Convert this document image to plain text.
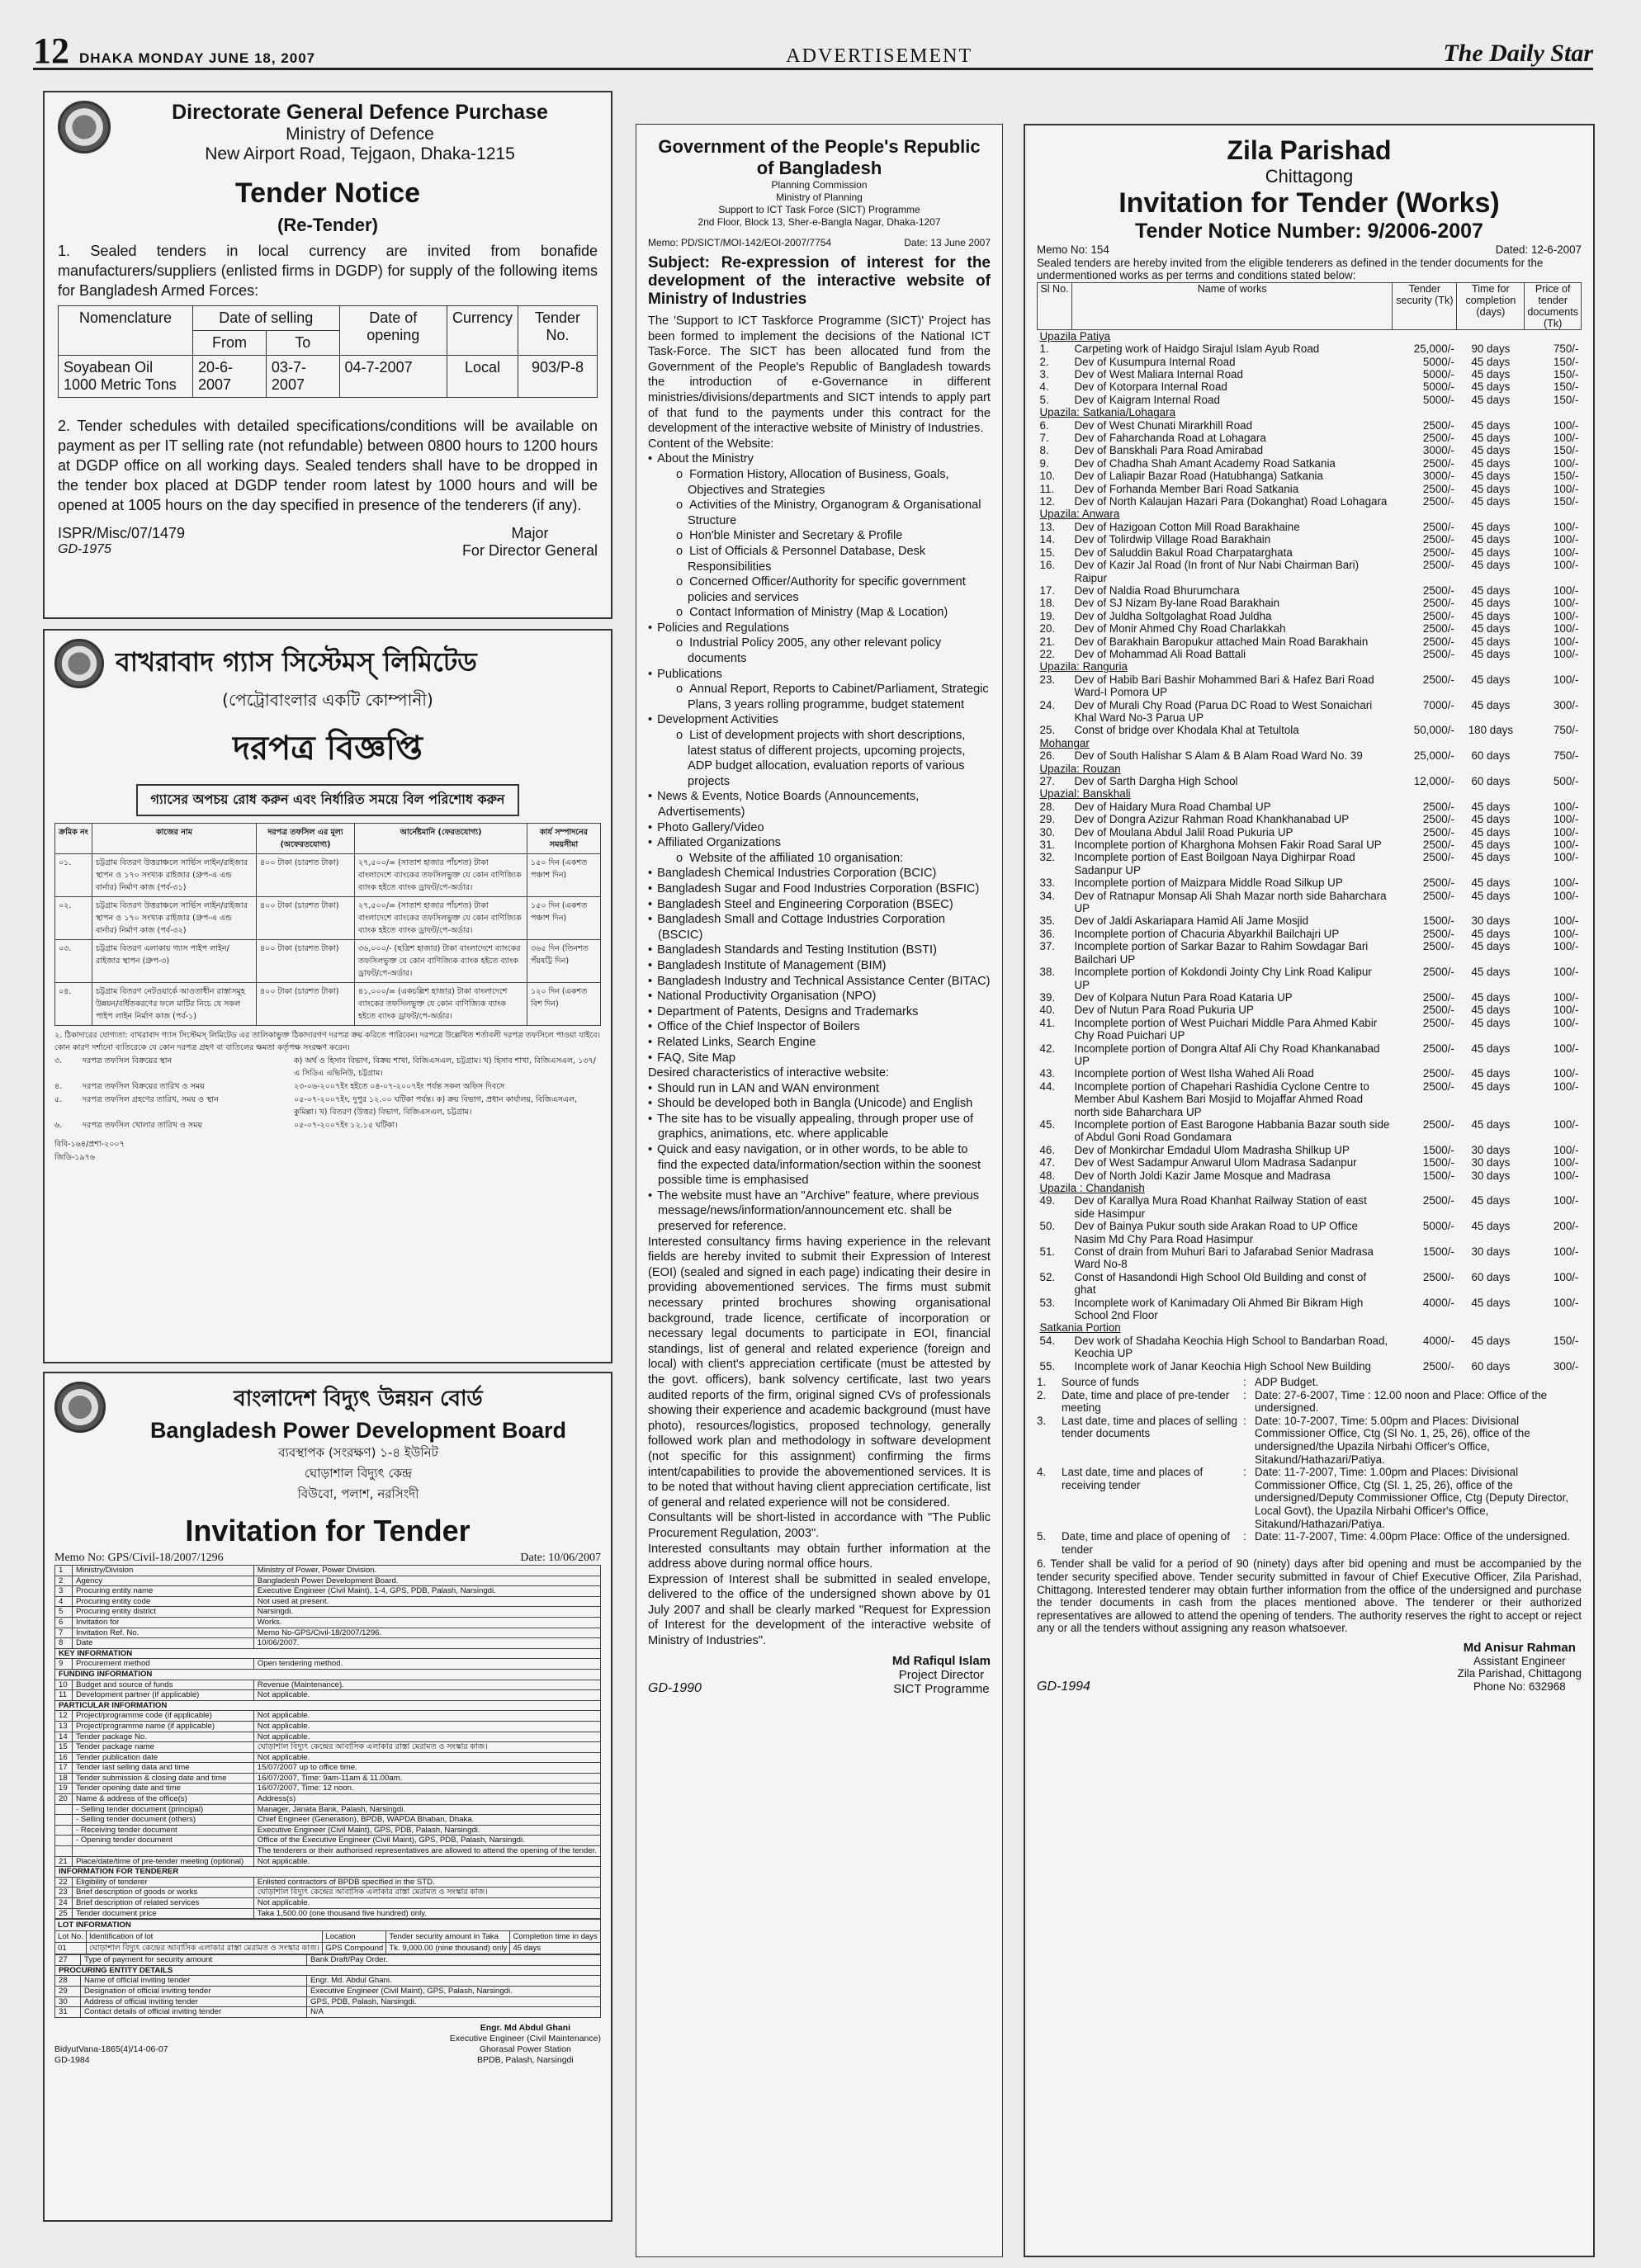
12 DHAKA MONDAY JUNE 18, 2007	ADVERTISEMENT	The Daily Star
Directorate General Defence Purchase
Ministry of Defence
New Airport Road, Tejgaon, Dhaka-1215
Tender Notice
(Re-Tender)

1. Sealed tenders in local currency are invited from bonafide manufacturers/suppliers (enlisted firms in DGDP) for supply of the following items for Bangladesh Armed Forces:

Nomenclature	Date of selling		Date of opening	Currency	Tender No.
	From	To			
Soyabean Oil 1000 Metric Tons	20-6-2007	03-7-2007	04-7-2007	Local	903/P-8

2. Tender schedules with detailed specifications/conditions will be available on payment as per IT selling rate (not refundable) between 0800 hours to 1200 hours at DGDP office on all working days. Sealed tenders shall have to be dropped in the tender box placed at DGDP tender room latest by 1000 hours and will be opened at 1005 hours on the day specified in presence of the tenderers (if any).

ISPR/Misc/07/1479
GD-1975
Major
For Director General
বাখরাবাদ গ্যাস সিস্টেমস্ লিমিটেড
(পেট্রোবাংলার একটি কোম্পানী)
দরপত্র বিজ্ঞপ্তি
গ্যাসের অপচয় রোধ করুন এবং নির্ধারিত সময়ে বিল পরিশোধ করুন
ক্রমিক নং	কাজের নাম	দরপত্র তফসিল এর মূল্য (অফেরতযোগ্য)	আর্নেষ্টমানি (ফেরতযোগ্য)	কার্য সম্পাদনের সময়সীমা
০১.	চট্টগ্রাম বিতরণ উত্তরাঞ্চলে সার্ভিস লাইন/রাইজার স্থাপন ও ১৭০ সংখ্যক রাইজার (গ্রুপ-এ এন্ড বার্নার) নির্মাণ কাজ (পর্ব-৩১)	৪০০ টাকা (চারশত টাকা)	২৭,৫০০/= (সাতাশ হাজার পাঁচশত) টাকা বাংলাদেশে ব্যাংকের তফসিলভুক্ত যে কোন বাণিজ্যিক ব্যাংক হইতে ব্যাংক ড্রাফট/পে-অর্ডার।	১৫০ দিন (একশত পঞ্চাশ দিন)
০২.	চট্টগ্রাম বিতরণ উত্তরাঞ্চলে সার্ভিস লাইন/রাইজার স্থাপন ও ১৭০ সংখ্যক রাইজার (গ্রুপ-এ এন্ড বার্নার) নির্মাণ কাজ (পর্ব-৩২)	৪০০ টাকা (চারশত টাকা)	২৭,৫০০/= (সাতাশ হাজার পাঁচশত) টাকা বাংলাদেশে ব্যাংকের তফসিলভুক্ত যে কোন বাণিজ্যিক ব্যাংক হইতে ব্যাংক ড্রাফট/পে-অর্ডার।	১৫০ দিন (একশত পঞ্চাশ দিন)
০৩.	চট্টগ্রাম বিতরণ এলাকায় গ্যাস পাইপ লাইন/রাইজার স্থাপন (গ্রুপ-৩)	৪০০ টাকা (চারশত টাকা)	৩৬,০০০/- (ছত্রিশ হাজার) টাকা বাংলাদেশে ব্যাংকের তফসিলভুক্ত যে কোন বাণিজ্যিক ব্যাংক হইতে ব্যাংক ড্রাফট/পে-অর্ডার।	৩৬৫ দিন (তিনশত পঁয়ষট্টি দিন)
০৪.	চট্টগ্রাম বিতরণ নেটওয়ার্কে আওতাধীন রাস্তাসমূহ উন্নয়ন/বর্ধিতকরণের ফলে মাটির নিচে যে সকল পাইপ লাইন নির্মাণ কাজ (পর্ব-১)	৪০০ টাকা (চারশত টাকা)	৪১,০০০/= (একচল্লিশ হাজার) টাকা বাংলাদেশে ব্যাংকের তফসিলভুক্ত যে কোন বাণিজ্যিক ব্যাংক হইতে ব্যাংক ড্রাফট/পে-অর্ডার।	১২০ দিন (একশত বিশ দিন)
২. ঠিকাদারের যোগ্যতা: বাখরাবাদ গ্যাস সিস্টেমস্ লিমিটেড এর তালিকাভুক্ত ঠিকাদারগণ দরপত্র ক্রয় করিতে পারিবেন। দরপত্রে উল্লেখিত শর্তাবলী দরপত্র তফসিলে পাওয়া যাইবে। কোন কারণ দর্শানো ব্যতিরেকে যে কোন দরপত্র গ্রহণ বা বাতিলের ক্ষমতা কর্তৃপক্ষ সংরক্ষণ করেন।
৩.	দরপত্র তফসিল বিক্রয়ের স্থান	ক) অর্থ ও হিসাব বিভাগ, বিক্রয় শাখা, বিজিএসএল, চট্টগ্রাম। খ) হিসাব শাখা, বিজিএসএল, ১৩৭/এ সিডিএ এভিনিউ, চট্টগ্রাম।
৪.	দরপত্র তফসিল বিক্রয়ের তারিখ ও সময়	২৩-০৬-২০০৭ইং হইতে ০৪-০৭-২০০৭ইং পর্যন্ত সকল অফিস দিবসে
৫.	দরপত্র তফসিল গ্রহণের তারিখ, সময় ও স্থান	০৫-০৭-২০০৭ইং, দুপুর ১২.০০ ঘটিকা পর্যন্ত। ক) ক্রয় বিভাগ, প্রধান কার্যালয়, বিজিএসএল, কুমিল্লা। খ) বিতরণ (উত্তর) বিভাগ, বিজিএসএল, চট্টগ্রাম।
৬.	দরপত্র তফসিল খোলার তারিখ ও সময়	০৫-০৭-২০০৭ইং ১২.১৫ ঘটিকা।
বিবি-১৬৪/প্রশা-২০০৭
জিডি-১৯৭৬
বাংলাদেশ বিদ্যুৎ উন্নয়ন বোর্ড
Bangladesh Power Development Board
ব্যবস্থাপক (সংরক্ষণ) ১-৪ ইউনিট
ঘোড়াশাল বিদ্যুৎ কেন্দ্র
বিউবো, পলাশ, নরসিংদী
Invitation for Tender
Memo No: GPS/Civil-18/2007/1296	Date: 10/06/2007
1	Ministry/Division	Ministry of Power, Power Division.
2	Agency	Bangladesh Power Development Board.
3	Procuring entity name	Executive Engineer (Civil Maint), 1-4, GPS, PDB, Palash, Narsingdi.
4	Procuring entity code	Not used at present.
5	Procuring entity district	Narsingdi.
6	Invitation for	Works.
7	Invitation Ref. No.	Memo No-GPS/Civil-18/2007/1296.
8	Date	10/06/2007.
KEY INFORMATION		
9	Procurement method	Open tendering method.
FUNDING INFORMATION		
10	Budget and source of funds	Revenue (Maintenance).
11	Development partner (if applicable)	Not applicable.
PARTICULAR INFORMATION		
12	Project/programme code (if applicable)	Not applicable.
13	Project/programme name (if applicable)	Not applicable.
14	Tender package No.	Not applicable.
15	Tender package name	ঘোড়াশাল বিদ্যুৎ কেন্দ্রের আবাসিক এলাকার রাস্তা মেরামত ও সংস্কার কাজ।
16	Tender publication date	Not applicable.
17	Tender last selling data and time	15/07/2007 up to office time.
18	Tender submission & closing date and time	16/07/2007, Time: 9am-11am & 11.00am.
19	Tender opening date and time	16/07/2007, Time: 12 noon.
20	Name & address of the office(s)	Address(s)
	- Selling tender document (principal)	Manager, Janata Bank, Palash, Narsingdi.
	- Selling tender document (others)	Chief Engineer (Generation), BPDB, WAPDA Bhaban, Dhaka.
	- Receiving tender document	Executive Engineer (Civil Maint), GPS, PDB, Palash, Narsingdi.
	- Opening tender document	Office of the Executive Engineer (Civil Maint), GPS, PDB, Palash, Narsingdi.
		The tenderers or their authorised representatives are allowed to attend the opening of the tender.
21	Place/date/time of pre-tender meeting (optional)	Not applicable.
INFORMATION FOR TENDERER		
22	Eligibility of tenderer	Enlisted contractors of BPDB specified in the STD.
23	Brief description of goods or works	ঘোড়াশাল বিদ্যুৎ কেন্দ্রের আবাসিক এলাকার রাস্তা মেরামত ও সংস্কার কাজ।
24	Brief description of related services	Not applicable.
25	Tender document price	Taka 1,500.00 (one thousand five hundred) only.
LOT INFORMATION				
Lot No.	Identification of lot	Location	Tender security amount in Taka	Completion time in days
01	ঘোড়াশাল বিদ্যুৎ কেন্দ্রের আবাসিক এলাকার রাস্তা মেরামত ও সংস্কার কাজ।	GPS Compound	Tk. 9,000.00 (nine thousand) only	45 days
27	Type of payment for security amount	Bank Draft/Pay Order.
PROCURING ENTITY DETAILS		
28	Name of official inviting tender	Engr. Md. Abdul Ghani.
29	Designation of official inviting tender	Executive Engineer (Civil Maint), GPS, Palash, Narsingdi.
30	Address of official inviting tender	GPS, PDB, Palash, Narsingdi.
31	Contact details of official inviting tender	N/A
BidyutVana-1865(4)/14-06-07
GD-1984
Engr. Md Abdul Ghani
Executive Engineer (Civil Maintenance)
Ghorasal Power Station
BPDB, Palash, Narsingdi
Government of the People's Republic of Bangladesh
Planning Commission
Ministry of Planning
Support to ICT Task Force (SICT) Programme
2nd Floor, Block 13, Sher-e-Bangla Nagar, Dhaka-1207
Memo: PD/SICT/MOI-142/EOI-2007/7754	Date: 13 June 2007
Subject: Re-expression of interest for the development of the interactive website of Ministry of Industries

The 'Support to ICT Taskforce Programme (SICT)' Project has been formed to implement the decisions of the National ICT Task-Force. The SICT has been allocated fund from the Government of the People's Republic of Bangladesh towards the introduction of e-Governance in different ministries/divisions/departments and SICT intends to apply part of that fund to the payments under this contract for the development of the interactive website of Ministry of Industries.

Content of the Website:

• About the Ministry
o Formation History, Allocation of Business, Goals, Objectives and Strategies
o Activities of the Ministry, Organogram & Organisational Structure
o Hon'ble Minister and Secretary & Profile
o List of Officials & Personnel Database, Desk Responsibilities
o Concerned Officer/Authority for specific government policies and services
o Contact Information of Ministry (Map & Location)
• Policies and Regulations
o Industrial Policy 2005, any other relevant policy documents
• Publications
o Annual Report, Reports to Cabinet/Parliament, Strategic Plans, 3 years rolling programme, budget statement
• Development Activities
o List of development projects with short descriptions, latest status of different projects, upcoming projects, ADP budget allocation, evaluation reports of various projects
• News & Events, Notice Boards (Announcements, Advertisements)
• Photo Gallery/Video
• Affiliated Organizations
o Website of the affiliated 10 organisation:
• Bangladesh Chemical Industries Corporation (BCIC)
• Bangladesh Sugar and Food Industries Corporation (BSFIC)
• Bangladesh Steel and Engineering Corporation (BSEC)
• Bangladesh Small and Cottage Industries Corporation (BSCIC)
• Bangladesh Standards and Testing Institution (BSTI)
• Bangladesh Institute of Management (BIM)
• Bangladesh Industry and Technical Assistance Center (BITAC)
• National Productivity Organisation (NPO)
• Department of Patents, Designs and Trademarks
• Office of the Chief Inspector of Boilers
• Related Links, Search Engine
• FAQ, Site Map

Desired characteristics of interactive website:

• Should run in LAN and WAN environment
• Should be developed both in Bangla (Unicode) and English
• The site has to be visually appealing, through proper use of graphics, animations, etc. where applicable
• Quick and easy navigation, or in other words, to be able to find the expected data/information/section within the soonest possible time is emphasised
• The website must have an "Archive" feature, where previous message/news/information/announcement etc. shall be preserved for reference.

Interested consultancy firms having experience in the relevant fields are hereby invited to submit their Expression of Interest (EOI) (sealed and signed in each page) indicating their desire in providing abovementioned services. The firms must submit necessary printed brochures showing organisational background, trade licence, certificate of incorporation or necessary legal documents to participate in EOI, financial standings, list of general and related experience (foreign and local) with client's appreciation certificate (must be attested by the govt. officers), bank solvency certificate, last two years audited reports of the firm, original signed CVs of professionals showing their experience and academic background (must have photo), resources/logistics, proposed technology, generally followed work plan and methodology in software development (not specific for this assignment) confirming the firms intent/capabilities to provide the abovementioned services. It is to be noted that without having client appreciation certificate, list of general and related experience will not be considered.

Consultants will be short-listed in accordance with "The Public Procurement Regulation, 2003".

Interested consultants may obtain further information at the address above during normal office hours.

Expression of Interest shall be submitted in sealed envelope, delivered to the office of the undersigned shown above by 01 July 2007 and shall be clearly marked "Request for Expression of Interest for the development of the interactive website of Ministry of Industries".

GD-1990
Md Rafiqul Islam
Project Director
SICT Programme
Zila Parishad
Chittagong
Invitation for Tender (Works)
Tender Notice Number: 9/2006-2007
Memo No: 154	Dated: 12-6-2007
Sealed tenders are hereby invited from the eligible tenderers as defined in the tender documents for the undermentioned works as per terms and conditions stated below:
Sl No.	Name of works	Tender security (Tk)	Time for completion (days)	Price of tender documents (Tk)
Upazila Patiya				
1.	Carpeting work of Haidgo Sirajul Islam Ayub Road	25,000/-	90 days	750/-
2.	Dev of Kusumpura Internal Road	5000/-	45 days	150/-
3.	Dev of West Maliara Internal Road	5000/-	45 days	150/-
4.	Dev of Kotorpara Internal Road	5000/-	45 days	150/-
5.	Dev of Kaigram Internal Road	5000/-	45 days	150/-
Upazila: Satkania/Lohagara				
6.	Dev of West Chunati Mirarkhill Road	2500/-	45 days	100/-
7.	Dev of Faharchanda Road at Lohagara	2500/-	45 days	100/-
8.	Dev of Banskhali Para Road Amirabad	3000/-	45 days	150/-
9.	Dev of Chadha Shah Amant Academy Road Satkania	2500/-	45 days	100/-
10.	Dev of Laliapir Bazar Road (Hatubhanga) Satkania	3000/-	45 days	150/-
11.	Dev of Forhanda Member Bari Road Satkania	2500/-	45 days	100/-
12.	Dev of North Kalaujan Hazari Para (Dokanghat) Road Lohagara	2500/-	45 days	150/-
Upazila: Anwara				
13.	Dev of Hazigoan Cotton Mill Road Barakhaine	2500/-	45 days	100/-
14.	Dev of Tolirdwip Village Road Barakhain	2500/-	45 days	100/-
15.	Dev of Saluddin Bakul Road Charpatarghata	2500/-	45 days	100/-
16.	Dev of Kazir Jal Road (In front of Nur Nabi Chairman Bari) Raipur	2500/-	45 days	100/-
17.	Dev of Naldia Road Bhurumchara	2500/-	45 days	100/-
18.	Dev of SJ Nizam By-lane Road Barakhain	2500/-	45 days	100/-
19.	Dev of Juldha Soltgolaghat Road Juldha	2500/-	45 days	100/-
20.	Dev of Monir Ahmed Chy Road Charlakkah	2500/-	45 days	100/-
21.	Dev of Barakhain Baropukur attached Main Road Barakhain	2500/-	45 days	100/-
22.	Dev of Mohammad Ali Road Battali	2500/-	45 days	100/-
Upazila: Ranguria				
23.	Dev of Habib Bari Bashir Mohammed Bari & Hafez Bari Road Ward-I Pomora UP	2500/-	45 days	100/-
24.	Dev of Murali Chy Road (Parua DC Road to West Sonaichari Khal Ward No-3 Parua UP	7000/-	45 days	300/-
25.	Const of bridge over Khodala Khal at Tetultola	50,000/-	180 days	750/-
Mohangar				
26.	Dev of South Halishar S Alam & B Alam Road Ward No. 39	25,000/-	60 days	750/-
Upazila: Rouzan				
27.	Dev of Sarth Dargha High School	12,000/-	60 days	500/-
Upazial: Banskhali				
28.	Dev of Haidary Mura Road Chambal UP	2500/-	45 days	100/-
29.	Dev of Dongra Azizur Rahman Road Khankhanabad UP	2500/-	45 days	100/-
30.	Dev of Moulana Abdul Jalil Road Pukuria UP	2500/-	45 days	100/-
31.	Incomplete portion of Kharghona Mohsen Fakir Road Saral UP	2500/-	45 days	100/-
32.	Incomplete portion of East Boilgoan Naya Dighirpar Road Sadanpur UP	2500/-	45 days	100/-
33.	Incomplete portion of Maizpara Middle Road Silkup UP	2500/-	45 days	100/-
34.	Dev of Ratnapur Monsap Ali Shah Mazar north side Baharchara UP	2500/-	45 days	100/-
35.	Dev of Jaldi Askariapara Hamid Ali Jame Mosjid	1500/-	30 days	100/-
36.	Incomplete portion of Chacuria Abyarkhil Bailchajri UP	2500/-	45 days	100/-
37.	Incomplete portion of Sarkar Bazar to Rahim Sowdagar Bari Bailchari UP	2500/-	45 days	100/-
38.	Incomplete portion of Kokdondi Jointy Chy Link Road Kalipur UP	2500/-	45 days	100/-
39.	Dev of Kolpara Nutun Para Road Kataria UP	2500/-	45 days	100/-
40.	Dev of Nutun Para Road Pukuria UP	2500/-	45 days	100/-
41.	Incomplete portion of West Puichari Middle Para Ahmed Kabir Chy Road Puichari UP	2500/-	45 days	100/-
42.	Incomplete portion of Dongra Altaf Ali Chy Road Khankanabad UP	2500/-	45 days	100/-
43.	Incomplete portion of West Ilsha Wahed Ali Road	2500/-	45 days	100/-
44.	Incomplete portion of Chapehari Rashidia Cyclone Centre to Member Abul Kashem Bari Mosjid to Mojaffar Ahmed Road north side Baharchara UP	2500/-	45 days	100/-
45.	Incomplete portion of East Barogone Habbania Bazar south side of Abdul Goni Road Gondamara	2500/-	45 days	100/-
46.	Dev of Monkirchar Emdadul Ulom Madrasha Shilkup UP	1500/-	30 days	100/-
47.	Dev of West Sadampur Anwarul Ulom Madrasa Sadanpur	1500/-	30 days	100/-
48.	Dev of North Joldi Kazir Jame Mosque and Madrasa	1500/-	30 days	100/-
Upazila : Chandanish				
49.	Dev of Karallya Mura Road Khanhat Railway Station of east side Hasimpur	2500/-	45 days	100/-
50.	Dev of Bainya Pukur south side Arakan Road to UP Office Nasim Md Chy Para Road Hasimpur	5000/-	45 days	200/-
51.	Const of drain from Muhuri Bari to Jafarabad Senior Madrasa Ward No-8	1500/-	30 days	100/-
52.	Const of Hasandondi High School Old Building and const of ghat	2500/-	60 days	100/-
53.	Incomplete work of Kanimadary Oli Ahmed Bir Bikram High School 2nd Floor	4000/-	45 days	100/-
Satkania Portion				
54.	Dev work of Shadaha Keochia High School to Bandarban Road, Keochia UP	4000/-	45 days	150/-
55.	Incomplete work of Janar Keochia High School New Building	2500/-	60 days	300/-
1.	Source of funds	: ADP Budget.
2.	Date, time and place of pre-tender meeting
: Date: 27-6-2007, Time : 12.00 noon and Place: Office of the undersigned.
3.	Last date, time and places of selling tender documents
: Date: 10-7-2007, Time: 5.00pm and Places: Divisional Commissioner Office, Ctg (Sl No. 1, 25, 26), office of the undersigned/the Upazila Nirbahi Officer's Office, Sitakund/Hathazari/Patiya.
4.	Last date, time and places of receiving tender
: Date: 11-7-2007, Time: 1.00pm and Places: Divisional Commissioner Office, Ctg (Sl. 1, 25, 26), office of the undersigned/Deputy Commissioner Office, Ctg (Deputy Director, Local Govt), the Upazila Nirbahi Officer's Office, Sitakund/Hathazari/Patiya.
5.	Date, time and place of opening of tender
: Date: 11-7-2007, Time: 4.00pm Place: Office of the undersigned.
6. Tender shall be valid for a period of 90 (ninety) days after bid opening and must be accompanied by the tender security specified above. Tender security submitted in favour of Chief Executive Officer, Zila Parishad, Chittagong. Interested tenderer may obtain further information from the office of the undersigned and purchase the tender documents in cash from the places mentioned above. The tenderer or their authorized representatives are allowed to attend the opening of tenders. The authority reserves the right to accept or reject any or all the tenders without assigning any reason whatsoever.
GD-1994
Md Anisur Rahman
Assistant Engineer
Zila Parishad, Chittagong
Phone No: 632968
